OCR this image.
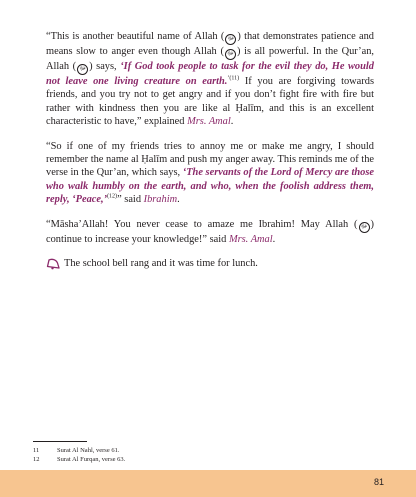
“This is another beautiful name of Allah ( ﷻ ) that demonstrates patience and means slow to anger even though Allah ( ﷻ ) is all powerful. In the Qur’an, Allah ( ﷻ ) says, ‘If God took people to task for the evil they do, He would not leave one living creature on earth.$^{’(11)}$ If you are forgiving towards friends, and you try not to get angry and if you don’t fight fire with fire but rather with kindness then you are like al Ḥalīm, and this is an excellent characteristic to have,” explained Mrs. Amal.

“So if one of my friends tries to annoy me or make me angry, I should remember the name al Ḥalīm and push my anger away. This reminds me of the verse in the Qur’an, which says, ‘The servants of the Lord of Mercy are those who walk humbly on the earth, and who, when the foolish address them, reply, ‘Peace,’$^{(12)}$” said Ibrahim.

“Māsha’Allah! You never cease to amaze me Ibrahim! May Allah ( ﷻ ) continue to increase your knowledge!” said Mrs. Amal.

The school bell rang and it was time for lunch.

11	Surat Al Nahl, verse 61.
12	Surat Al Furqan, verse 63.
81
